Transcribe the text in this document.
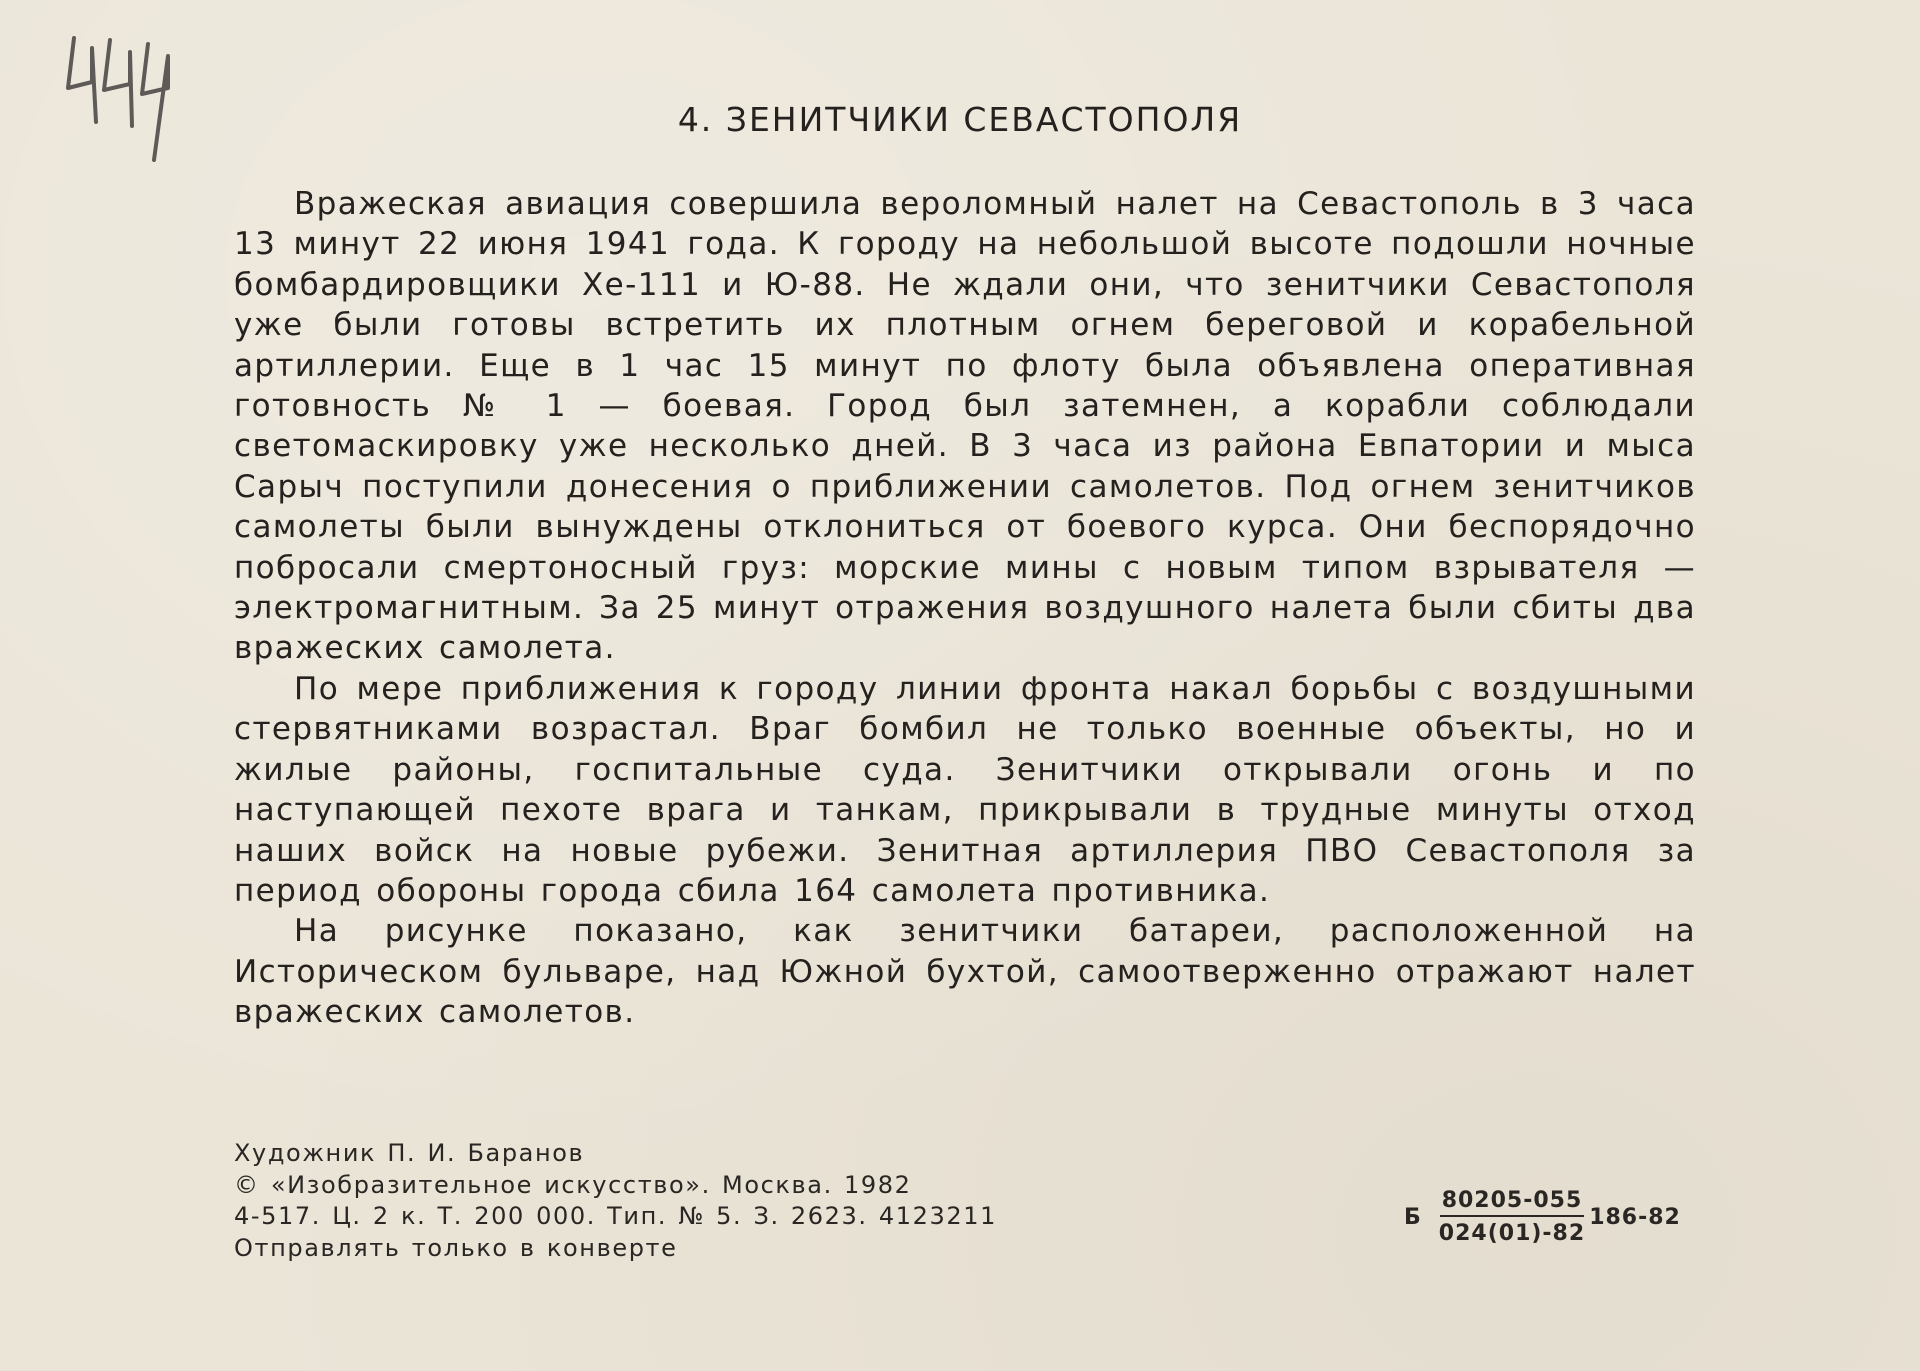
4. ЗЕНИТЧИКИ СЕВАСТОПОЛЯ

Вражеская авиация совершила вероломный налет на Севастополь в 3 часа 13 минут 22 июня 1941 года. К городу на небольшой высоте подошли ночные бомбардировщики Хе-111 и Ю-88. Не ждали они, что зенитчики Севастополя уже были готовы встретить их плотным огнем береговой и корабельной артиллерии. Еще в 1 час 15 минут по флоту была объявлена оперативная готовность № 1 — боевая. Город был затемнен, а корабли соблюдали светомаскировку уже несколько дней. В 3 часа из района Евпатории и мыса Сарыч поступили донесения о приближении самолетов. Под огнем зенитчиков самолеты были вынуждены отклониться от боевого курса. Они беспорядочно побросали смертоносный груз: морские мины с новым типом взрывателя — электромагнитным. За 25 минут отражения воздушного налета были сбиты два вражеских самолета.

По мере приближения к городу линии фронта накал борьбы с воздушными стервятниками возрастал. Враг бомбил не только военные объекты, но и жилые районы, госпитальные суда. Зенитчики открывали огонь и по наступающей пехоте врага и танкам, прикрывали в трудные минуты отход наших войск на новые рубежи. Зенитная артиллерия ПВО Севастополя за период обороны города сбила 164 самолета противника.

На рисунке показано, как зенитчики батареи, расположенной на Историческом бульваре, над Южной бухтой, самоотверженно отражают налет вражеских самолетов.

Художник П. И. Баранов
© «Изобразительное искусство». Москва. 1982
4-517. Ц. 2 к. Т. 200 000. Тип. № 5. З. 2623. 4123211
Отправлять только в конверте
Б $\frac{80205-055}{024(01)-82} 186-82$
